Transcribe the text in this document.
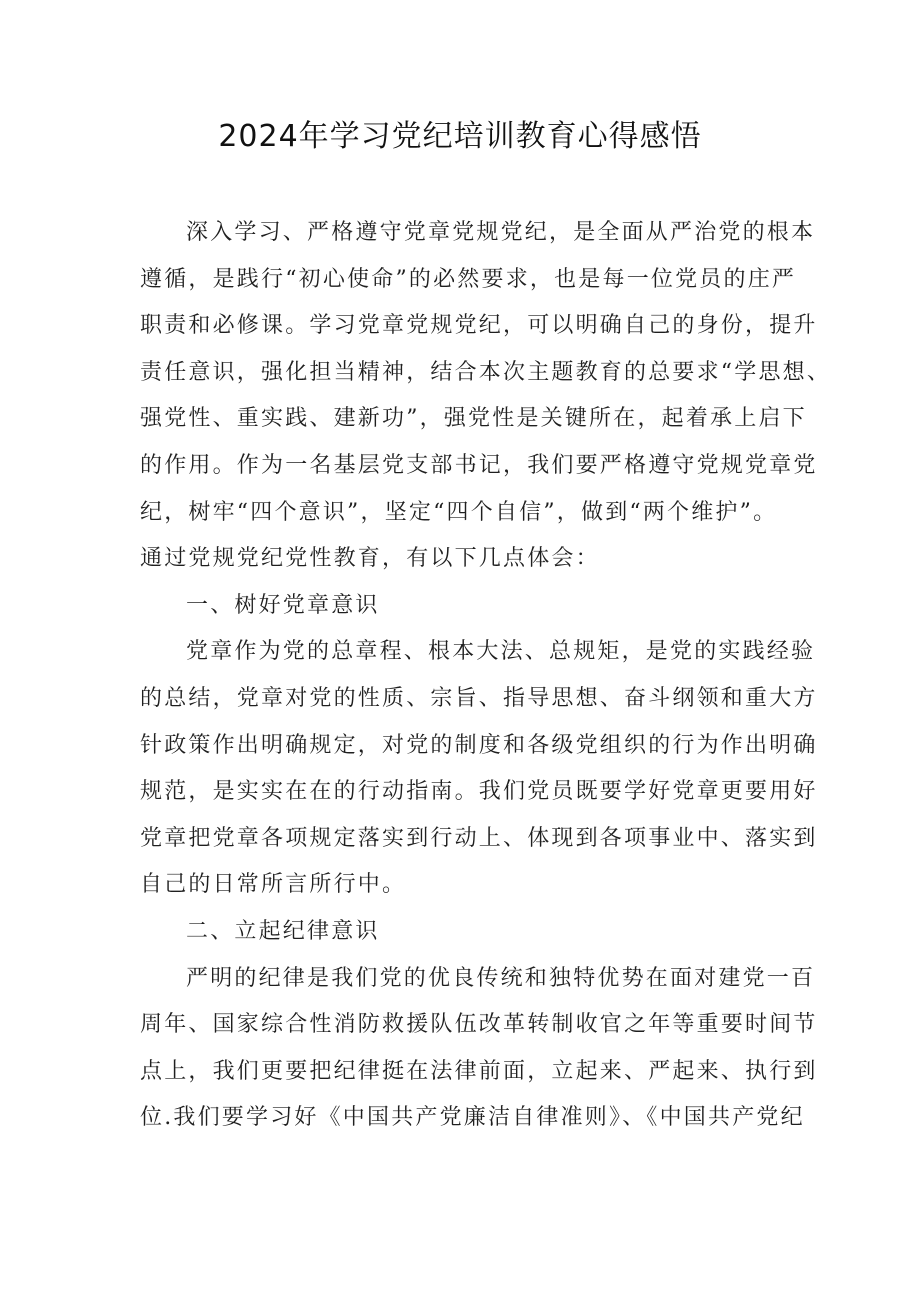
2024年学习党纪培训教育心得感悟
深入学习、严格遵守党章党规党纪，是全面从严治党的根本
遵循，是践行“初心使命”的必然要求，也是每一位党员的庄严
职责和必修课。学习党章党规党纪，可以明确自己的身份，提升
责任意识，强化担当精神，结合本次主题教育的总要求“学思想、
强党性、重实践、建新功”，强党性是关键所在，起着承上启下
的作用。作为一名基层党支部书记，我们要严格遵守党规党章党
纪，树牢“四个意识”，坚定“四个自信”，做到“两个维护”。
通过党规党纪党性教育，有以下几点体会：
一、树好党章意识
党章作为党的总章程、根本大法、总规矩，是党的实践经验
的总结，党章对党的性质、宗旨、指导思想、奋斗纲领和重大方
针政策作出明确规定，对党的制度和各级党组织的行为作出明确
规范，是实实在在的行动指南。我们党员既要学好党章更要用好
党章把党章各项规定落实到行动上、体现到各项事业中、落实到
自己的日常所言所行中。
二、立起纪律意识
严明的纪律是我们党的优良传统和独特优势在面对建党一百
周年、国家综合性消防救援队伍改革转制收官之年等重要时间节
点上，我们更要把纪律挺在法律前面，立起来、严起来、执行到
位.我们要学习好《中国共产党廉洁自律准则》、《中国共产党纪
